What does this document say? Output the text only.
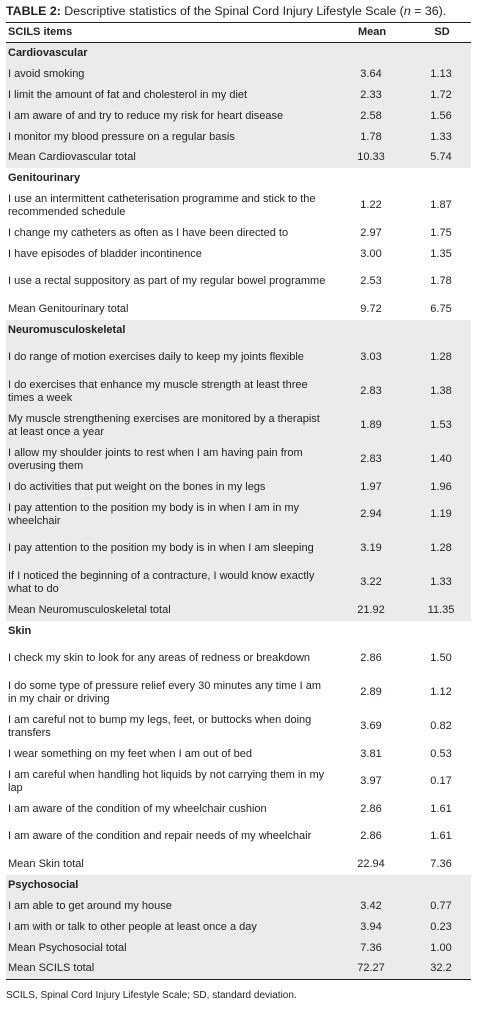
TABLE 2: Descriptive statistics of the Spinal Cord Injury Lifestyle Scale (n = 36).
SCILS items	Mean	SD
Cardiovascular		
I avoid smoking	3.64	1.13
I limit the amount of fat and cholesterol in my diet	2.33	1.72
I am aware of and try to reduce my risk for heart disease	2.58	1.56
I monitor my blood pressure on a regular basis	1.78	1.33
Mean Cardiovascular total	10.33	5.74
Genitourinary		
I use an intermittent catheterisation programme and stick to the recommended schedule	1.22	1.87
I change my catheters as often as I have been directed to	2.97	1.75
I have episodes of bladder incontinence	3.00	1.35
I use a rectal suppository as part of my regular bowel programme	2.53	1.78
Mean Genitourinary total	9.72	6.75
Neuromusculoskeletal		
I do range of motion exercises daily to keep my joints flexible	3.03	1.28
I do exercises that enhance my muscle strength at least three times a week	2.83	1.38
My muscle strengthening exercises are monitored by a therapist at least once a year	1.89	1.53
I allow my shoulder joints to rest when I am having pain from overusing them	2.83	1.40
I do activities that put weight on the bones in my legs	1.97	1.96
I pay attention to the position my body is in when I am in my wheelchair	2.94	1.19
I pay attention to the position my body is in when I am sleeping	3.19	1.28
If I noticed the beginning of a contracture, I would know exactly what to do	3.22	1.33
Mean Neuromusculoskeletal total	21.92	11.35
Skin		
I check my skin to look for any areas of redness or breakdown	2.86	1.50
I do some type of pressure relief every 30 minutes any time I am in my chair or driving	2.89	1.12
I am careful not to bump my legs, feet, or buttocks when doing transfers	3.69	0.82
I wear something on my feet when I am out of bed	3.81	0.53
I am careful when handling hot liquids by not carrying them in my lap	3.97	0.17
I am aware of the condition of my wheelchair cushion	2.86	1.61
I am aware of the condition and repair needs of my wheelchair	2.86	1.61
Mean Skin total	22.94	7.36
Psychosocial		
I am able to get around my house	3.42	0.77
I am with or talk to other people at least once a day	3.94	0.23
Mean Psychosocial total	7.36	1.00
Mean SCILS total	72.27	32.2
SCILS, Spinal Cord Injury Lifestyle Scale; SD, standard deviation.
